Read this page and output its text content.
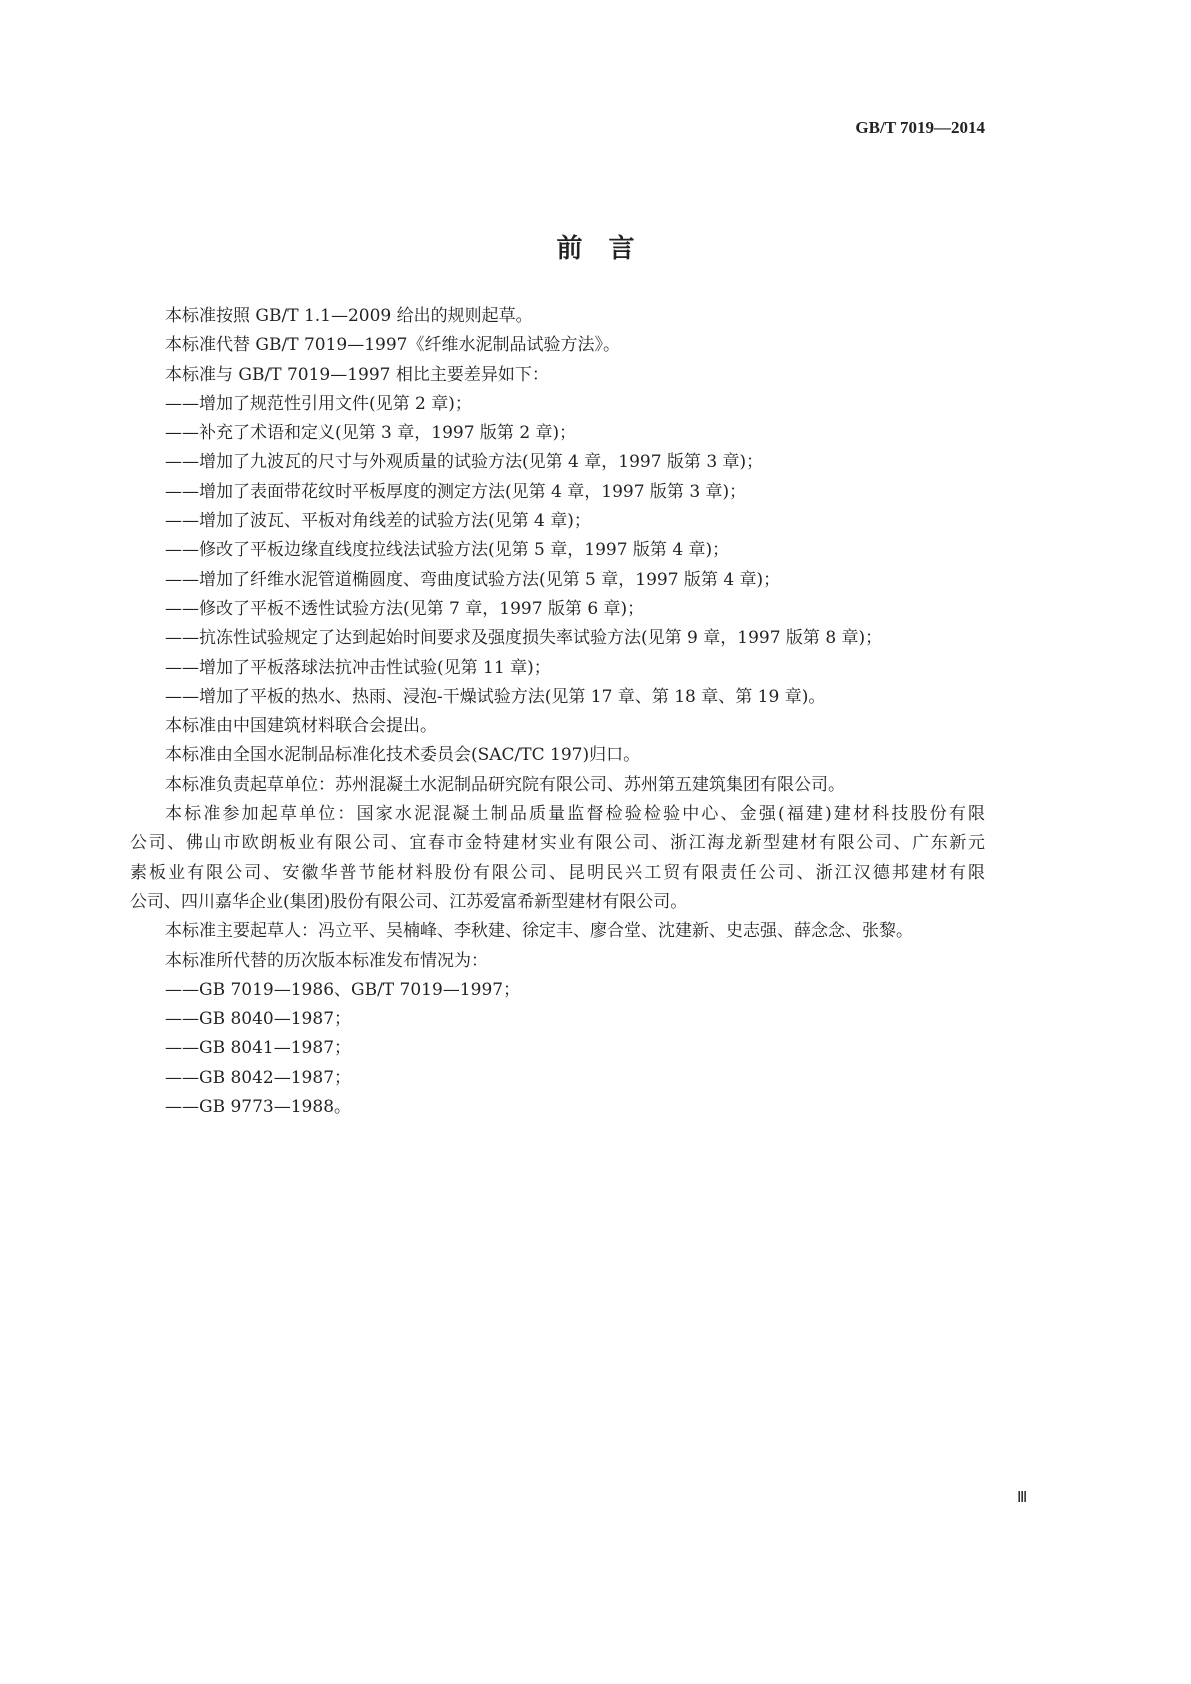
GB/T 7019—2014
前言

本标准按照 GB/T 1.1—2009 给出的规则起草。

本标准代替 GB/T 7019—1997《纤维水泥制品试验方法》。

本标准与 GB/T 7019—1997 相比主要差异如下：

——增加了规范性引用文件(见第 2 章)；

——补充了术语和定义(见第 3 章，1997 版第 2 章)；

——增加了九波瓦的尺寸与外观质量的试验方法(见第 4 章，1997 版第 3 章)；

——增加了表面带花纹时平板厚度的测定方法(见第 4 章，1997 版第 3 章)；

——增加了波瓦、平板对角线差的试验方法(见第 4 章)；

——修改了平板边缘直线度拉线法试验方法(见第 5 章，1997 版第 4 章)；

——增加了纤维水泥管道椭圆度、弯曲度试验方法(见第 5 章，1997 版第 4 章)；

——修改了平板不透性试验方法(见第 7 章，1997 版第 6 章)；

——抗冻性试验规定了达到起始时间要求及强度损失率试验方法(见第 9 章，1997 版第 8 章)；

——增加了平板落球法抗冲击性试验(见第 11 章)；

——增加了平板的热水、热雨、浸泡-干燥试验方法(见第 17 章、第 18 章、第 19 章)。

本标准由中国建筑材料联合会提出。

本标准由全国水泥制品标准化技术委员会(SAC/TC 197)归口。

本标准负责起草单位：苏州混凝土水泥制品研究院有限公司、苏州第五建筑集团有限公司。

本标准参加起草单位：国家水泥混凝土制品质量监督检验检验中心、金强(福建)建材科技股份有限

公司、佛山市欧朗板业有限公司、宜春市金特建材实业有限公司、浙江海龙新型建材有限公司、广东新元

素板业有限公司、安徽华普节能材料股份有限公司、昆明民兴工贸有限责任公司、浙江汉德邦建材有限

公司、四川嘉华企业(集团)股份有限公司、江苏爱富希新型建材有限公司。

本标准主要起草人：冯立平、吴楠峰、李秋建、徐定丰、廖合堂、沈建新、史志强、薛念念、张黎。

本标准所代替的历次版本标准发布情况为：

——GB 7019—1986、GB/T 7019—1997；

——GB 8040—1987；

——GB 8041—1987；

——GB 8042—1987；

——GB 9773—1988。

Ⅲ
